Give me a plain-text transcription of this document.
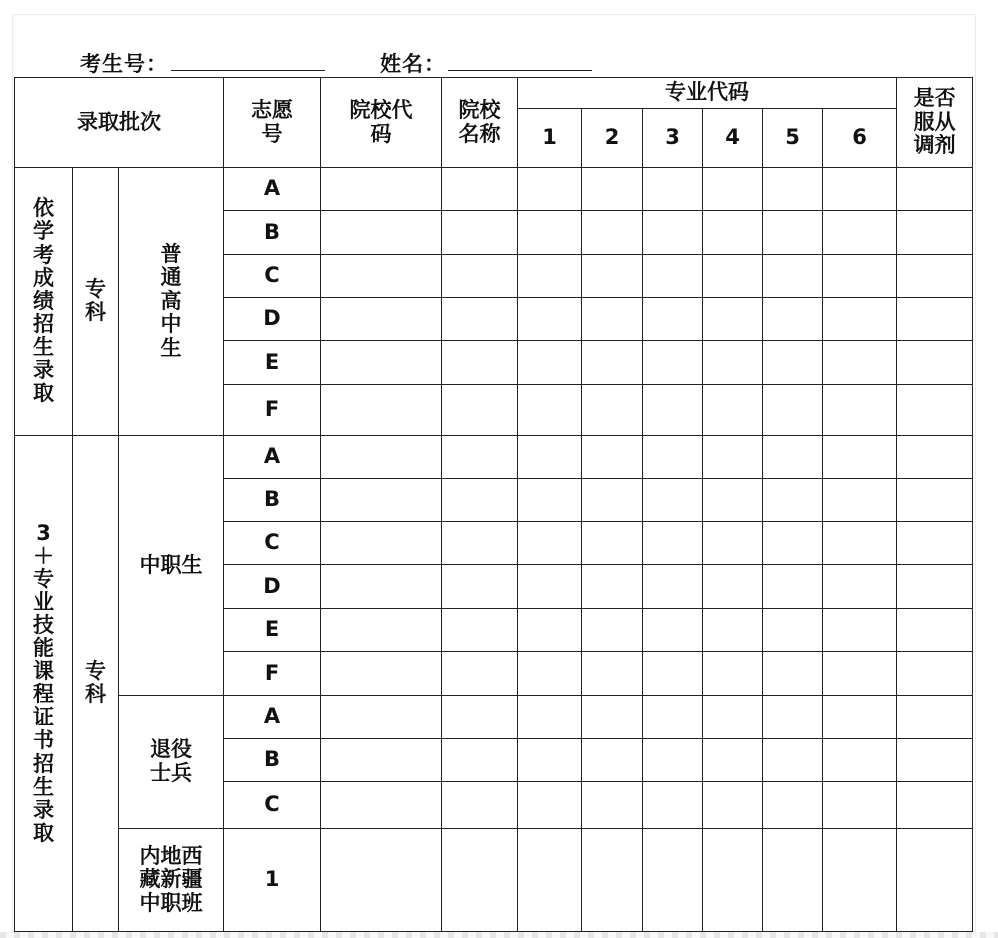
考生号：	姓名：
录取批次			志愿号	院校代码	院校名称	专业代码						是否服从调剂
						1	2	3	4	5	6	
依学考成绩招生录取	专科	普通高中生	A									
			B									
			C									
			D									
			E									
			F									
3＋专业技能课程证书招生录取	专科	中职生	A									
			B									
			C									
			D									
			E									
			F									
		退役士兵	A									
			B									
			C									
		内地西藏新疆中职班	1									
